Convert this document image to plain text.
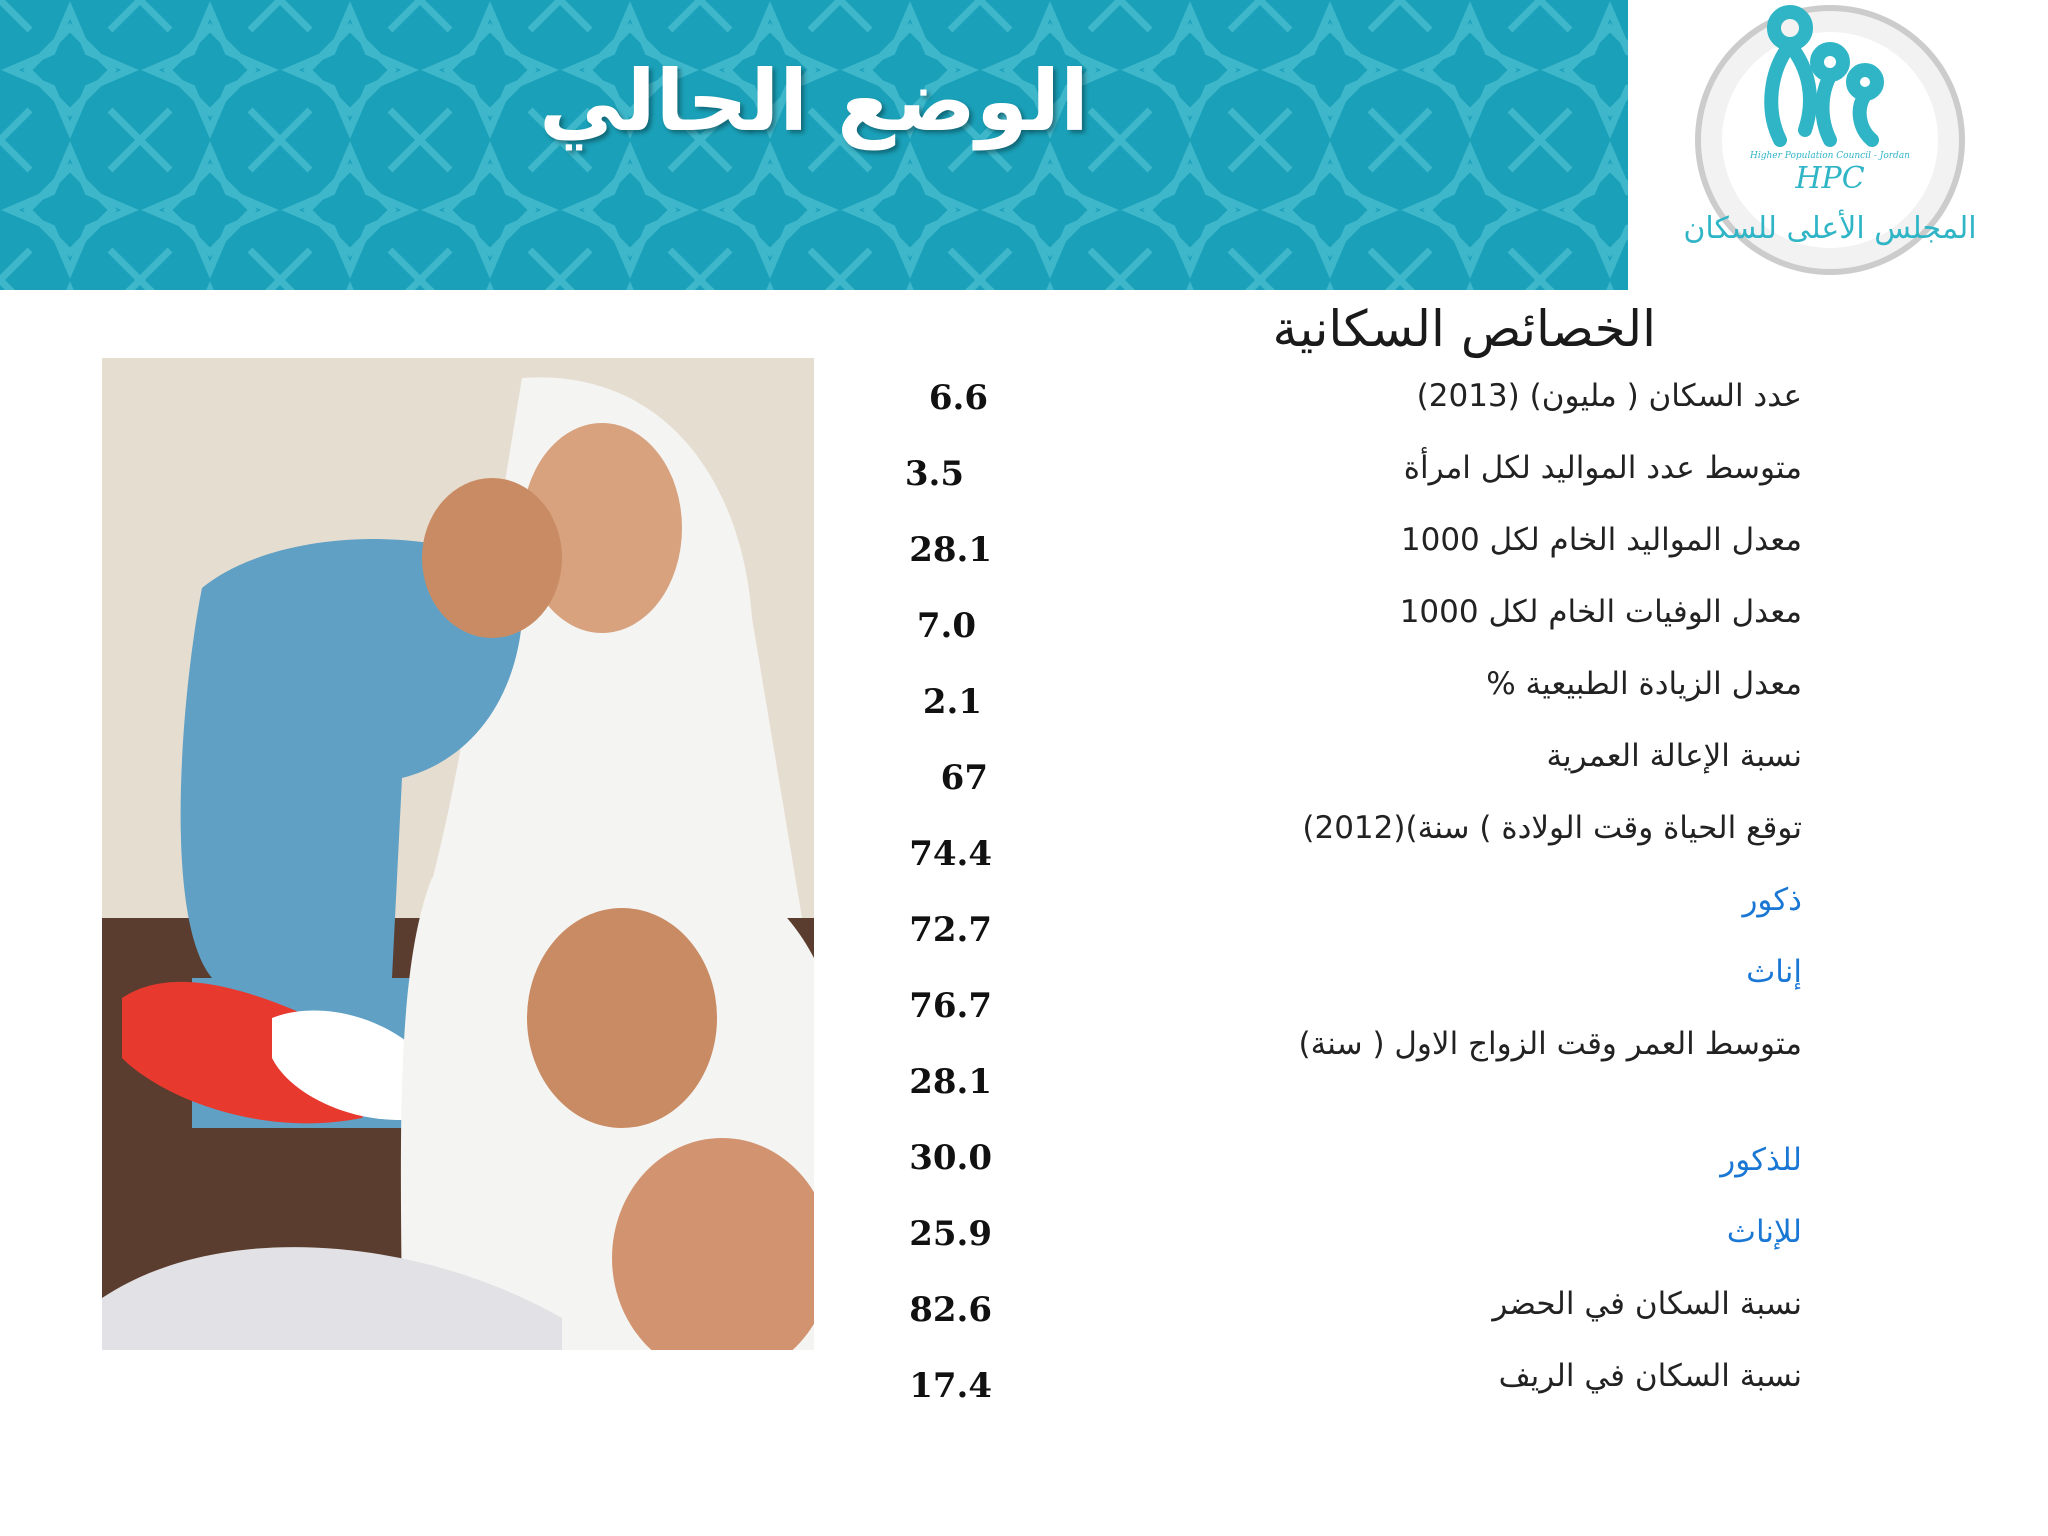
الوضع الحالي
Higher Population Council - Jordan
HPC
المجلس الأعلى للسكان
الخصائص السكانية
عدد السكان ( مليون) (2013)
متوسط عدد المواليد لكل امرأة
معدل المواليد الخام لكل 1000
معدل الوفيات الخام لكل 1000
معدل الزيادة الطبيعية %
نسبة الإعالة العمرية
توقع الحياة وقت الولادة ) سنة)(2012)
ذكور
إناث
متوسط العمر وقت الزواج الاول ( سنة)
للذكور
للإناث
نسبة السكان في الحضر
نسبة السكان في الريف
6.6
3.5
28.1
7.0
2.1
67
74.4
72.7
76.7
28.1
30.0
25.9
82.6
17.4
